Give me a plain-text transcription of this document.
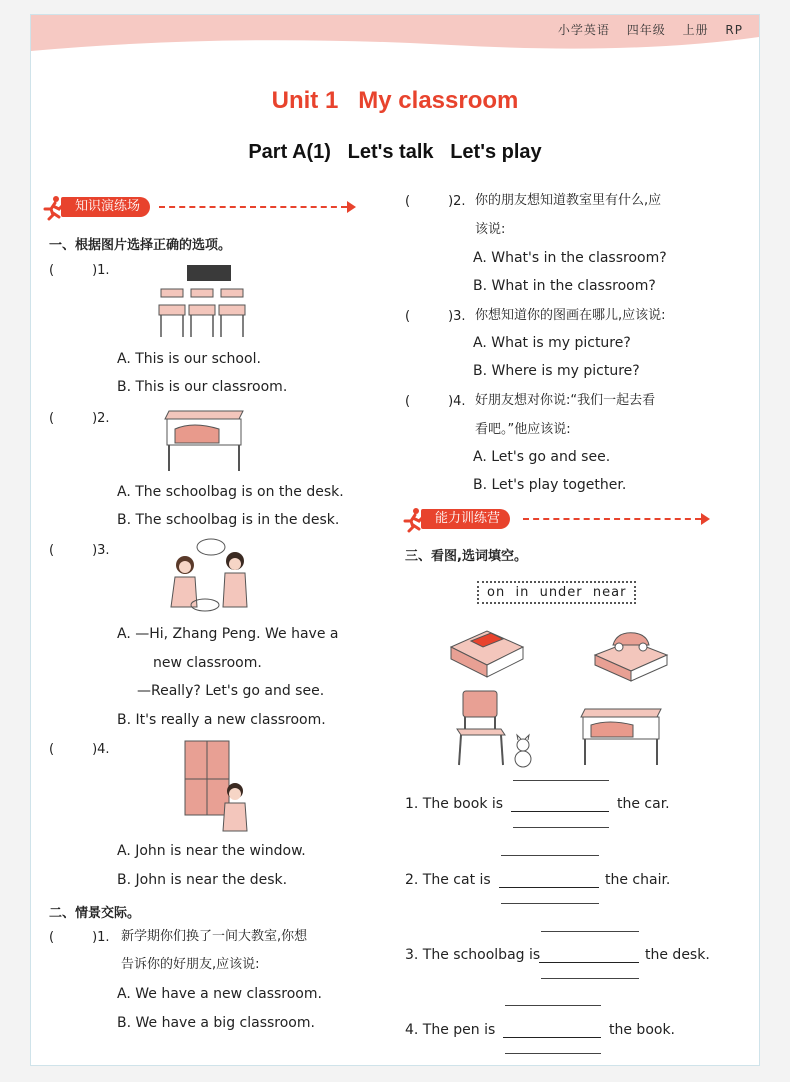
小学英语 四年级 上册 RP
Unit 1   My classroom
Part A(1)   Let's talk   Let's play
知识演练场
一、根据图片选择正确的选项。
(	)1.
A. This is our school.
B. This is our classroom.
(	)2.
A. The schoolbag is on the desk.
B. The schoolbag is in the desk.
(	)3.
A. —Hi, Zhang Peng. We have a
new classroom.
—Really? Let's go and see.
B. It's really a new classroom.
(	)4.
A. John is near the window.
B. John is near the desk.
二、情景交际。
(	)1. 新学期你们换了一间大教室,你想
告诉你的好朋友,应该说:
A. We have a new classroom.
B. We have a big classroom.
(	)2. 你的朋友想知道教室里有什么,应
该说:
A. What's in the classroom?
B. What in the classroom?
(	)3. 你想知道你的图画在哪儿,应该说:
A. What is my picture?
B. Where is my picture?
(	)4. 好朋友想对你说:“我们一起去看
看吧。”他应该说:
A. Let's go and see.
B. Let's play together.
能力训练营
三、看图,选词填空。
on  in  under  near
1. The book is	the car.
2. The cat is	the chair.
3. The schoolbag is	the desk.
4. The pen is	the book.
